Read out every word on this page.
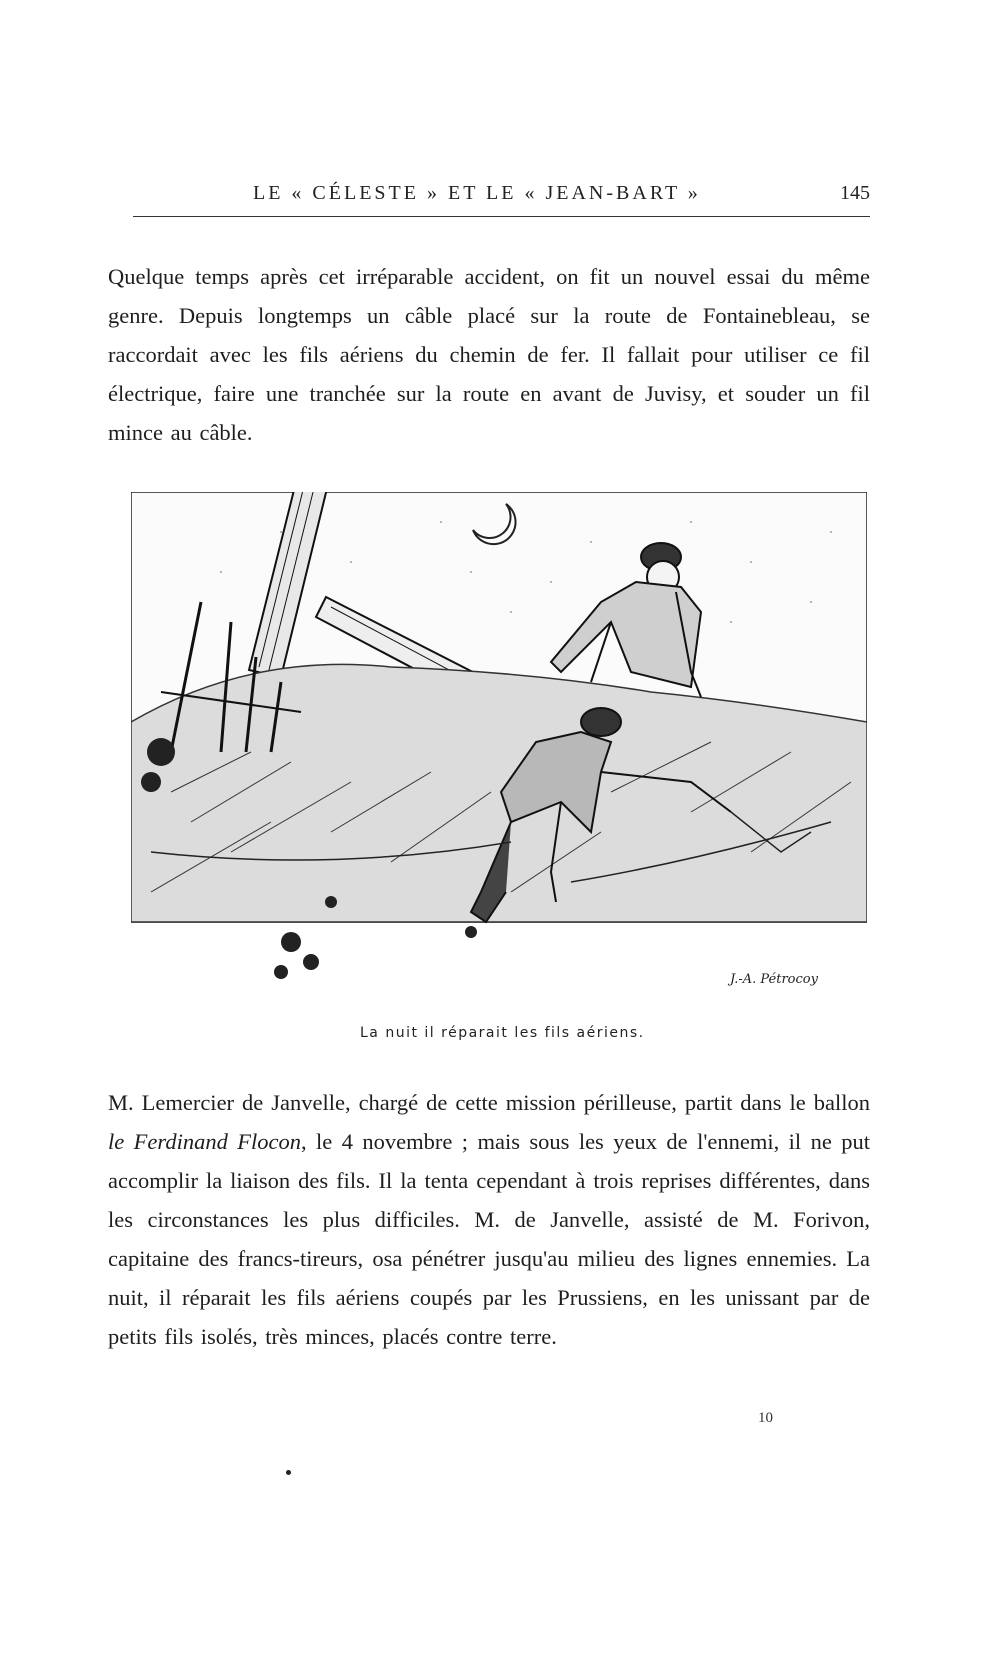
LE « CÉLESTE » ET LE « JEAN-BART »	145

Quelque temps après cet irréparable accident, on fit un nouvel essai du même genre. Depuis longtemps un câble placé sur la route de Fontainebleau, se raccordait avec les fils aériens du chemin de fer. Il fallait pour utiliser ce fil électrique, faire une tranchée sur la route en avant de Juvisy, et souder un fil mince au câble.

J.-A. Pétrocoy
La nuit il réparait les fils aériens.

M. Lemercier de Janvelle, chargé de cette mission périlleuse, partit dans le ballon le Ferdinand Flocon, le 4 novembre ; mais sous les yeux de l'ennemi, il ne put accomplir la liaison des fils. Il la tenta cependant à trois reprises différentes, dans les circonstances les plus difficiles. M. de Janvelle, assisté de M. Forivon, capitaine des francs-tireurs, osa pénétrer jusqu'au milieu des lignes ennemies. La nuit, il réparait les fils aériens coupés par les Prussiens, en les unissant par de petits fils isolés, très minces, placés contre terre.

10
